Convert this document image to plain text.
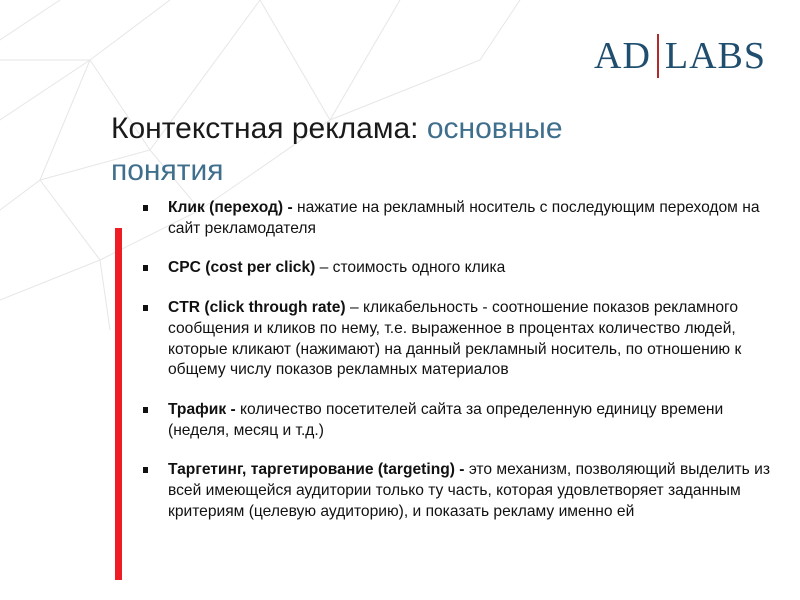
AD LABS
Контекстная реклама: основные понятия
Клик (переход) - нажатие на рекламный носитель с последующим переходом на сайт рекламодателя
CPC (cost per click) – стоимость одного клика
CTR (click through rate) – кликабельность - соотношение показов рекламного сообщения и кликов по нему, т.е. выраженное в процентах количество людей, которые кликают (нажимают) на данный рекламный носитель, по отношению к общему числу показов рекламных материалов
Трафик - количество посетителей сайта за определенную единицу времени (неделя, месяц и т.д.)
Таргетинг, таргетирование (targeting) - это механизм, позволяющий выделить из всей имеющейся аудитории только ту часть, которая удовлетворяет заданным критериям (целевую аудиторию), и показать рекламу именно ей
